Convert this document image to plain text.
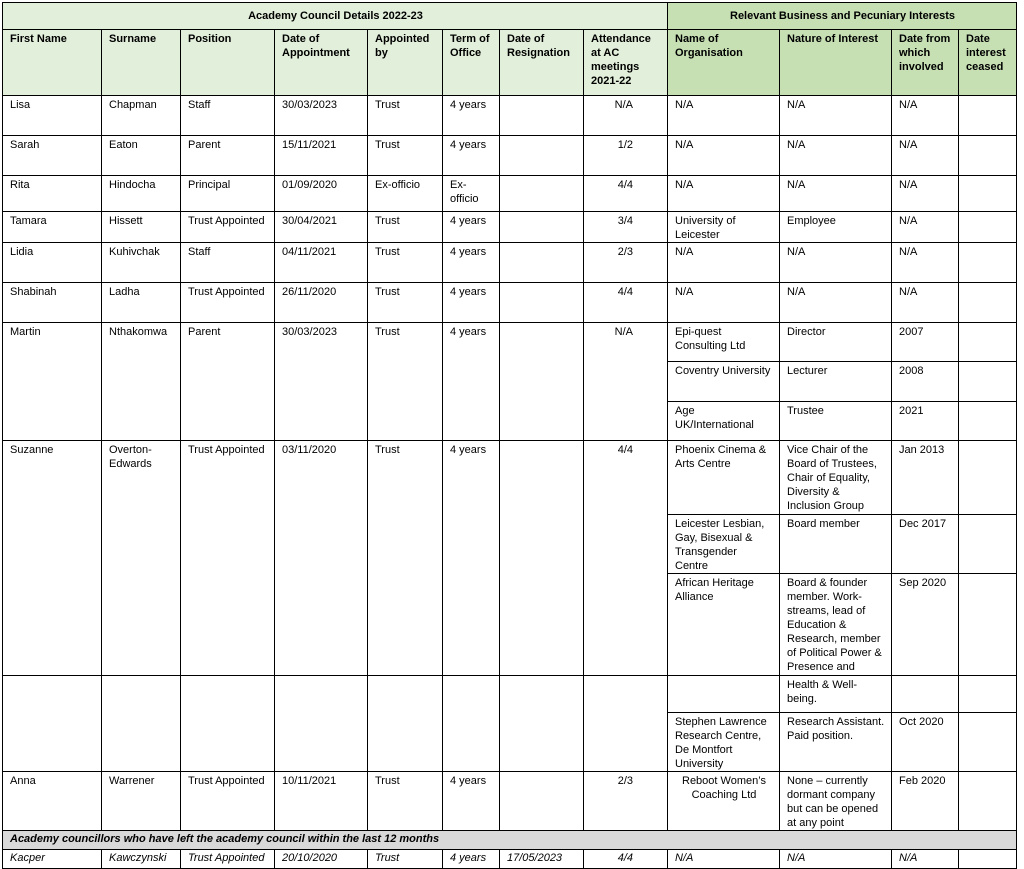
Academy Council Details 2022-23								Relevant Business and Pecuniary Interests			
First Name	Surname	Position	Date of Appointment	Appointed by	Term of Office	Date of Resignation	Attendance at AC meetings 2021-22	Name of Organisation	Nature of Interest	Date from which involved	Date interest ceased
Lisa	Chapman	Staff	30/03/2023	Trust	4 years		N/A	N/A	N/A	N/A	
Sarah	Eaton	Parent	15/11/2021	Trust	4 years		1/2	N/A	N/A	N/A	
Rita	Hindocha	Principal	01/09/2020	Ex-officio	Ex-officio		4/4	N/A	N/A	N/A	
Tamara	Hissett	Trust Appointed	30/04/2021	Trust	4 years		3/4	University of Leicester	Employee	N/A	
Lidia	Kuhivchak	Staff	04/11/2021	Trust	4 years		2/3	N/A	N/A	N/A	
Shabinah	Ladha	Trust Appointed	26/11/2020	Trust	4 years		4/4	N/A	N/A	N/A	
Martin	Nthakomwa	Parent	30/03/2023	Trust	4 years		N/A	Epi-quest Consulting Ltd	Director	2007	
								Coventry University	Lecturer	2008	
								Age UK/International	Trustee	2021	
Suzanne	Overton-Edwards	Trust Appointed	03/11/2020	Trust	4 years		4/4	Phoenix Cinema & Arts Centre	Vice Chair of the Board of Trustees, Chair of Equality, Diversity & Inclusion Group	Jan 2013	
								Leicester Lesbian, Gay, Bisexual & Transgender Centre	Board member	Dec 2017	
								African Heritage Alliance	Board & founder member. Work-streams, lead of Education & Research, member of Political Power & Presence and	Sep 2020	
									Health & Well-being.		
								Stephen Lawrence Research Centre, De Montfort University	Research Assistant. Paid position.	Oct 2020	
Anna	Warrener	Trust Appointed	10/11/2021	Trust	4 years		2/3	Reboot Women’s Coaching Ltd	None – currently dormant company but can be opened at any point	Feb 2020	
Academy councillors who have left the academy council within the last 12 months											
Kacper	Kawczynski	Trust Appointed	20/10/2020	Trust	4 years	17/05/2023	4/4	N/A	N/A	N/A	
